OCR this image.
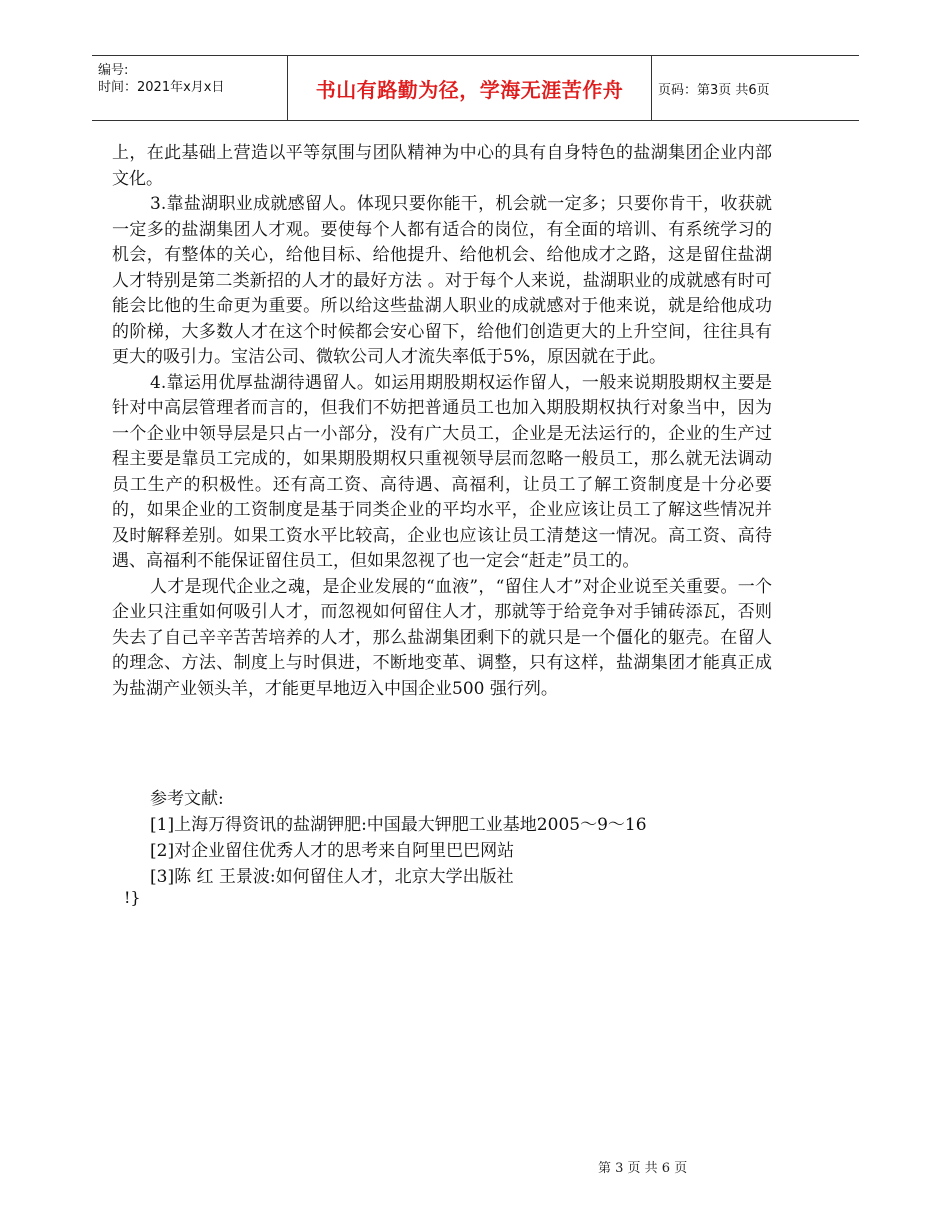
编号:
时间：2021年x月x日	书山有路勤为径，学海无涯苦作舟	页码：第3页 共6页

上，在此基础上营造以平等氛围与团队精神为中心的具有自身特色的盐湖集团企业内部文化。

3.靠盐湖职业成就感留人。体现只要你能干，机会就一定多；只要你肯干，收获就一定多的盐湖集团人才观。要使每个人都有适合的岗位，有全面的培训、有系统学习的机会，有整体的关心，给他目标、给他提升、给他机会、给他成才之路，这是留住盐湖人才特别是第二类新招的人才的最好方法 。对于每个人来说，盐湖职业的成就感有时可能会比他的生命更为重要。所以给这些盐湖人职业的成就感对于他来说，就是给他成功的阶梯，大多数人才在这个时候都会安心留下，给他们创造更大的上升空间，往往具有更大的吸引力。宝洁公司、微软公司人才流失率低于5%，原因就在于此。

4.靠运用优厚盐湖待遇留人。如运用期股期权运作留人，一般来说期股期权主要是针对中高层管理者而言的，但我们不妨把普通员工也加入期股期权执行对象当中，因为一个企业中领导层是只占一小部分，没有广大员工，企业是无法运行的，企业的生产过程主要是靠员工完成的，如果期股期权只重视领导层而忽略一般员工，那么就无法调动员工生产的积极性。还有高工资、高待遇、高福利，让员工了解工资制度是十分必要的，如果企业的工资制度是基于同类企业的平均水平，企业应该让员工了解这些情况并及时解释差别。如果工资水平比较高，企业也应该让员工清楚这一情况。高工资、高待遇、高福利不能保证留住员工，但如果忽视了也一定会“赶走”员工的。

人才是现代企业之魂，是企业发展的“血液”，“留住人才”对企业说至关重要。一个企业只注重如何吸引人才，而忽视如何留住人才，那就等于给竞争对手铺砖添瓦，否则失去了自己辛辛苦苦培养的人才，那么盐湖集团剩下的就只是一个僵化的躯壳。在留人的理念、方法、制度上与时俱进，不断地变革、调整，只有这样，盐湖集团才能真正成为盐湖产业领头羊，才能更早地迈入中国企业500 强行列。

参考文献:
[1]上海万得资讯的盐湖钾肥:中国最大钾肥工业基地2005～9～16
[2]对企业留住优秀人才的思考来自阿里巴巴网站
[3]陈 红 王景波:如何留住人才，北京大学出版社
!}
第 3 页 共 6 页
